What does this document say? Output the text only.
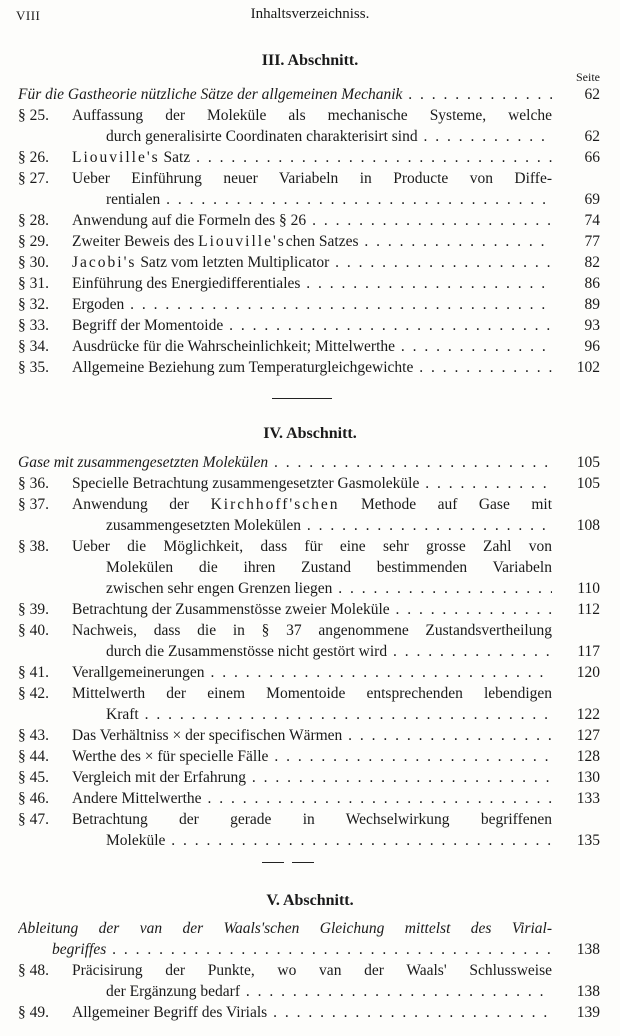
VIII	Inhaltsverzeichniss.
III. Abschnitt.
Seite
Für die Gastheorie nützliche Sätze der allgemeinen Mechanik . . .	62
§ 25.	Auffassung der Moleküle als mechanische Systeme, welche
durch generalisirte Coordinaten charakterisirt sind . . .	62
§ 26.	Liouville's Satz . . .	66
§ 27.	Ueber Einführung neuer Variabeln in Producte von Diffe-
rentialen . . .	69
§ 28.	Anwendung auf die Formeln des § 26 . . .	74
§ 29.	Zweiter Beweis des Liouville'schen Satzes . . .	77
§ 30.	Jacobi's Satz vom letzten Multiplicator . . .	82
§ 31.	Einführung des Energiedifferentiales . . .	86
§ 32.	Ergoden . . .	89
§ 33.	Begriff der Momentoide . . .	93
§ 34.	Ausdrücke für die Wahrscheinlichkeit; Mittelwerthe . . .	96
§ 35.	Allgemeine Beziehung zum Temperaturgleichgewichte . . .	102
IV. Abschnitt.
Gase mit zusammengesetzten Molekülen . . .	105
§ 36.	Specielle Betrachtung zusammengesetzter Gasmoleküle . . .	105
§ 37.	Anwendung der Kirchhoff'schen Methode auf Gase mit
zusammengesetzten Molekülen . . .	108
§ 38.	Ueber die Möglichkeit, dass für eine sehr grosse Zahl von
Molekülen die ihren Zustand bestimmenden Variabeln
zwischen sehr engen Grenzen liegen . . .	110
§ 39.	Betrachtung der Zusammenstösse zweier Moleküle . . .	112
§ 40.	Nachweis, dass die in § 37 angenommene Zustandsvertheilung
durch die Zusammenstösse nicht gestört wird . . .	117
§ 41.	Verallgemeinerungen . . .	120
§ 42.	Mittelwerth der einem Momentoide entsprechenden lebendigen
Kraft . . .	122
§ 43.	Das Verhältniss × der specifischen Wärmen . . .	127
§ 44.	Werthe des × für specielle Fälle . . .	128
§ 45.	Vergleich mit der Erfahrung . . .	130
§ 46.	Andere Mittelwerthe . . .	133
§ 47.	Betrachtung der gerade in Wechselwirkung begriffenen
Moleküle . . .	135
V. Abschnitt.
Ableitung der van der Waals'schen Gleichung mittelst des Virial-
begriffes . . .	138
§ 48.	Präcisirung der Punkte, wo van der Waals' Schlussweise
der Ergänzung bedarf . . .	138
§ 49.	Allgemeiner Begriff des Virials . . .	139
